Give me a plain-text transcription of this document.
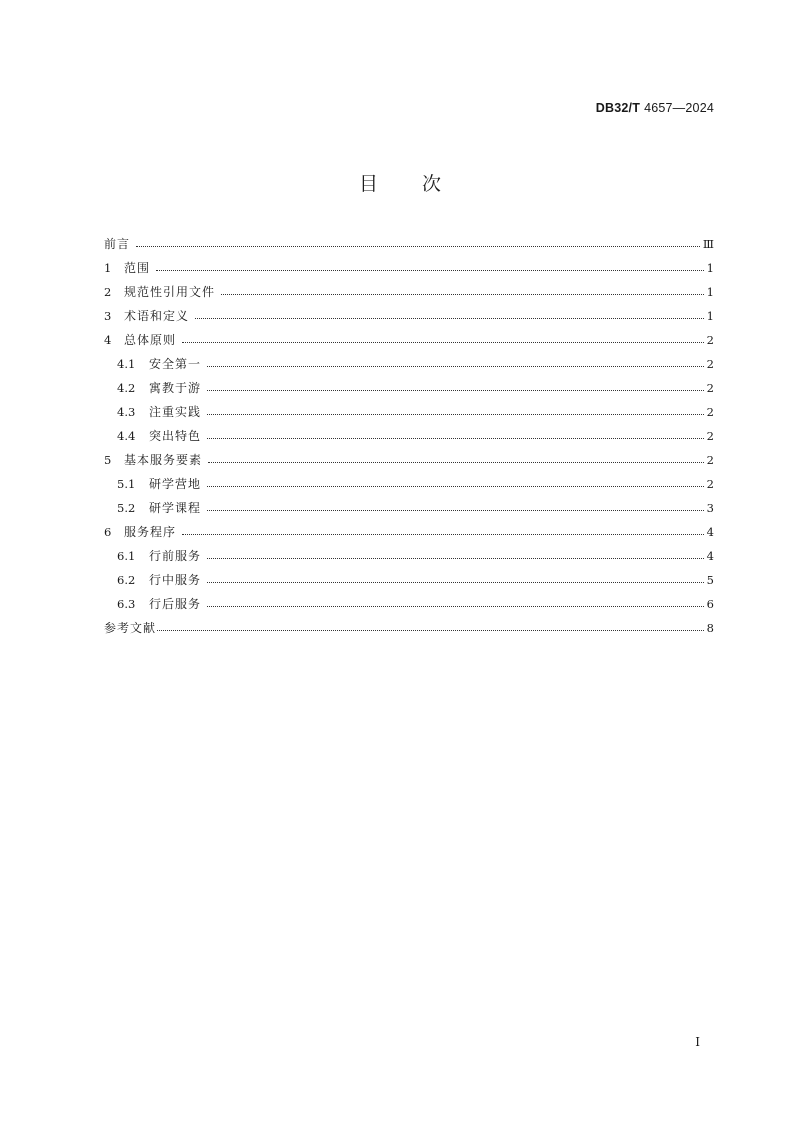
DB32/T 4657—2024
目 次
前言	Ⅲ
1	范围	1
2	规范性引用文件	1
3	术语和定义	1
4	总体原则	2
4.1	安全第一	2
4.2	寓教于游	2
4.3	注重实践	2
4.4	突出特色	2
5	基本服务要素	2
5.1	研学营地	2
5.2	研学课程	3
6	服务程序	4
6.1	行前服务	4
6.2	行中服务	5
6.3	行后服务	6
参考文献	8
I
